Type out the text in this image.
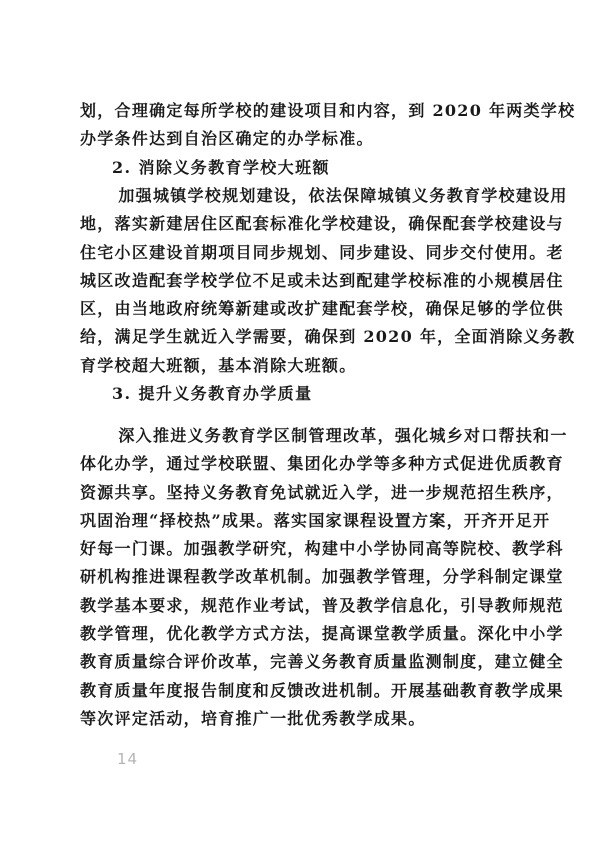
划，合理确定每所学校的建设项目和内容，到 2020 年两类学校
办学条件达到自治区确定的办学标准。
2. 消除义务教育学校大班额
加强城镇学校规划建设，依法保障城镇义务教育学校建设用
地，落实新建居住区配套标准化学校建设，确保配套学校建设与
住宅小区建设首期项目同步规划、同步建设、同步交付使用。老
城区改造配套学校学位不足或未达到配建学校标准的小规模居住
区，由当地政府统筹新建或改扩建配套学校，确保足够的学位供
给，满足学生就近入学需要，确保到 2020 年，全面消除义务教
育学校超大班额，基本消除大班额。
3. 提升义务教育办学质量
深入推进义务教育学区制管理改革，强化城乡对口帮扶和一
体化办学，通过学校联盟、集团化办学等多种方式促进优质教育
资源共享。坚持义务教育免试就近入学，进一步规范招生秩序，
巩固治理“择校热”成果。落实国家课程设置方案，开齐开足开
好每一门课。加强教学研究，构建中小学协同高等院校、教学科
研机构推进课程教学改革机制。加强教学管理，分学科制定课堂
教学基本要求，规范作业考试，普及教学信息化，引导教师规范
教学管理，优化教学方式方法，提高课堂教学质量。深化中小学
教育质量综合评价改革，完善义务教育质量监测制度，建立健全
教育质量年度报告制度和反馈改进机制。开展基础教育教学成果
等次评定活动，培育推广一批优秀教学成果。
14
